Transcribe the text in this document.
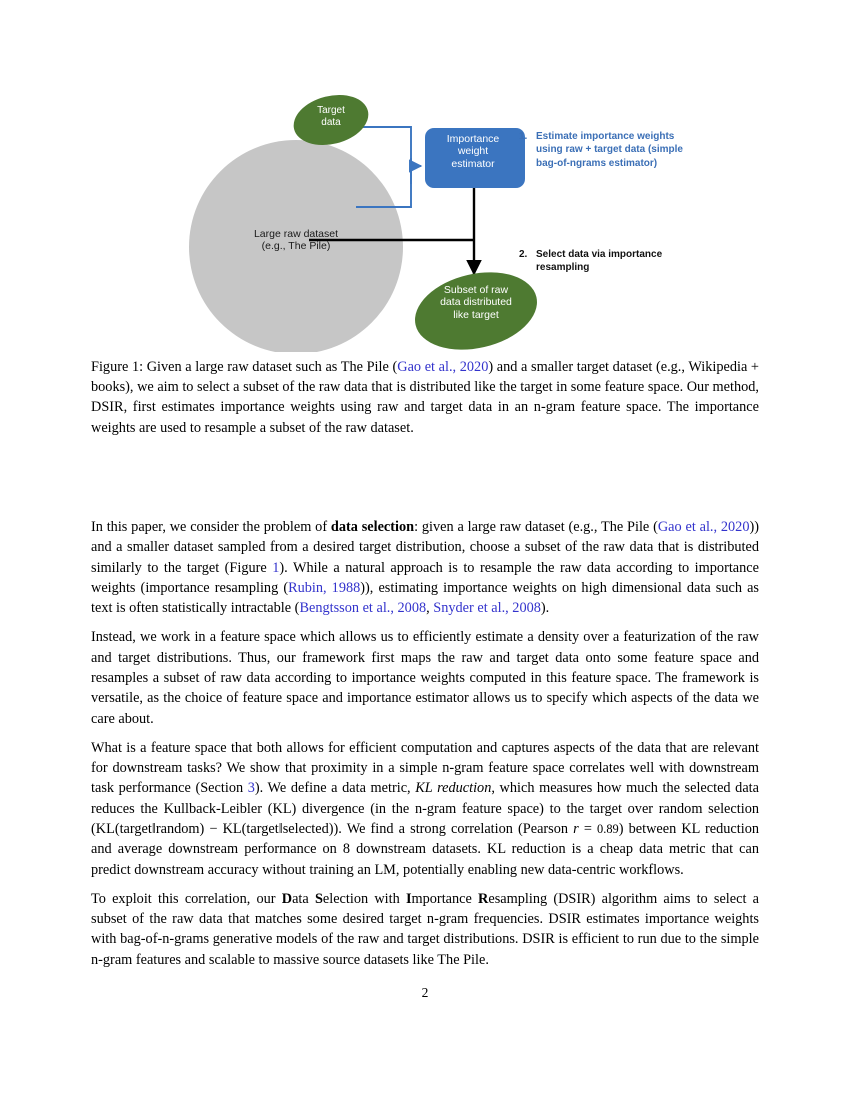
Large raw dataset
(e.g., The Pile)
Target
data
Importance
weight
estimator
Subset of raw
data distributed
like target
1. Estimate importance weights using raw + target data (simple bag-of-ngrams estimator)
2. Select data via importance resampling
Figure 1: Given a large raw dataset such as The Pile (Gao et al., 2020) and a smaller target dataset (e.g., Wikipedia + books), we aim to select a subset of the raw data that is distributed like the target in some feature space. Our method, DSIR, first estimates importance weights using raw and target data in an n-gram feature space. The importance weights are used to resample a subset of the raw dataset.

In this paper, we consider the problem of data selection: given a large raw dataset (e.g., The Pile (Gao et al., 2020)) and a smaller dataset sampled from a desired target distribution, choose a subset of the raw data that is distributed similarly to the target (Figure 1). While a natural approach is to resample the raw data according to importance weights (importance resampling (Rubin, 1988)), estimating importance weights on high dimensional data such as text is often statistically intractable (Bengtsson et al., 2008, Snyder et al., 2008).

Instead, we work in a feature space which allows us to efficiently estimate a density over a featurization of the raw and target distributions. Thus, our framework first maps the raw and target data onto some feature space and resamples a subset of raw data according to importance weights computed in this feature space. The framework is versatile, as the choice of feature space and importance estimator allows us to specify which aspects of the data we care about.

What is a feature space that both allows for efficient computation and captures aspects of the data that are relevant for downstream tasks? We show that proximity in a simple n-gram feature space correlates well with downstream task performance (Section 3). We define a data metric, KL reduction, which measures how much the selected data reduces the Kullback-Leibler (KL) divergence (in the n-gram feature space) to the target over random selection (KL(target‖random) − KL(target‖selected)). We find a strong correlation (Pearson r = 0.89) between KL reduction and average downstream performance on 8 downstream datasets. KL reduction is a cheap data metric that can predict downstream accuracy without training an LM, potentially enabling new data-centric workflows.

To exploit this correlation, our Data Selection with Importance Resampling (DSIR) algorithm aims to select a subset of the raw data that matches some desired target n-gram frequencies. DSIR estimates importance weights with bag-of-n-grams generative models of the raw and target distributions. DSIR is efficient to run due to the simple n-gram features and scalable to massive source datasets like The Pile.

2
